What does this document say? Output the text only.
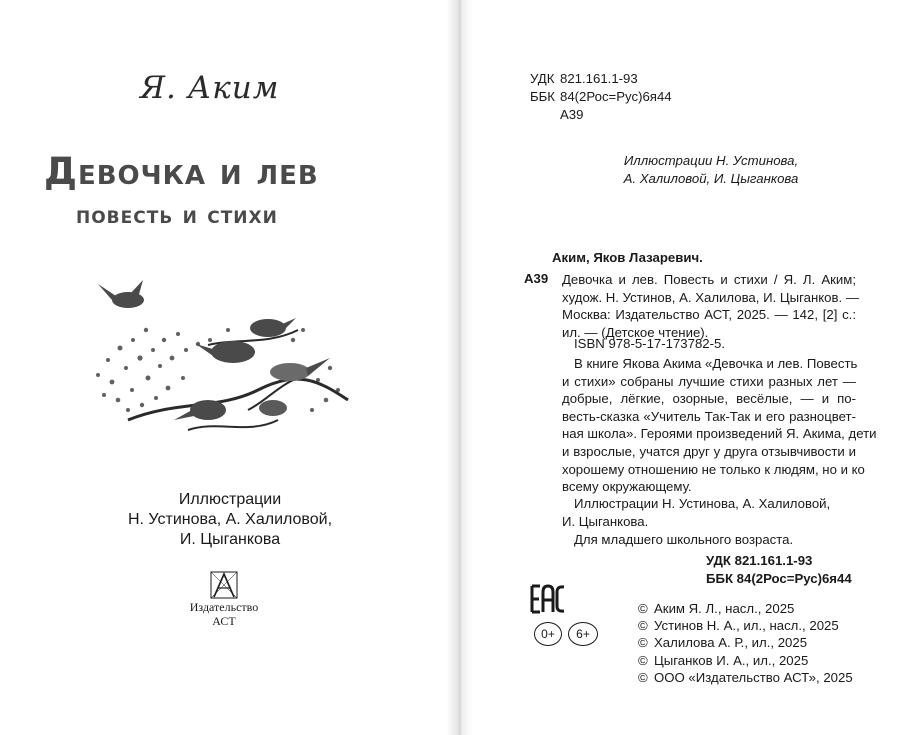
Я. Аким
Девочка и лев
повесть и стихи
Иллюстрации
Н. Устинова, А. Халиловой,
И. Цыганкова
Издательство
АСТ
УДК 821.161.1-93
ББК 84(2Рос=Рус)6я44
А39
Иллюстрации Н. Устинова,
А. Халиловой, И. Цыганкова
Аким, Яков Лазаревич.
А39 Девочка и лев. Повесть и стихи / Я. Л. Аким;
худож. Н. Устинов, А. Халилова, И. Цыганков. —
Москва: Издательство АСТ, 2025. — 142, [2] с.:
ил. — (Детское чтение).
ISBN 978-5-17-173782-5.
В книге Якова Акима «Девочка и лев. Повесть
и стихи» собраны лучшие стихи разных лет —
добрые, лёгкие, озорные, весёлые, — и по-
весть-сказка «Учитель Так-Так и его разноцвет-
ная школа». Героями произведений Я. Акима, дети
и взрослые, учатся друг у друга отзывчивости и
хорошему отношению не только к людям, но и ко
всему окружающему.
Иллюстрации Н. Устинова, А. Халиловой,
И. Цыганкова.
Для младшего школьного возраста.
УДК 821.161.1-93
ББК 84(2Рос=Рус)6я44
0+	6+
© Аким Я. Л., насл., 2025
© Устинов Н. А., ил., насл., 2025
© Халилова А. Р., ил., 2025
© Цыганков И. А., ил., 2025
© ООО «Издательство АСТ», 2025
